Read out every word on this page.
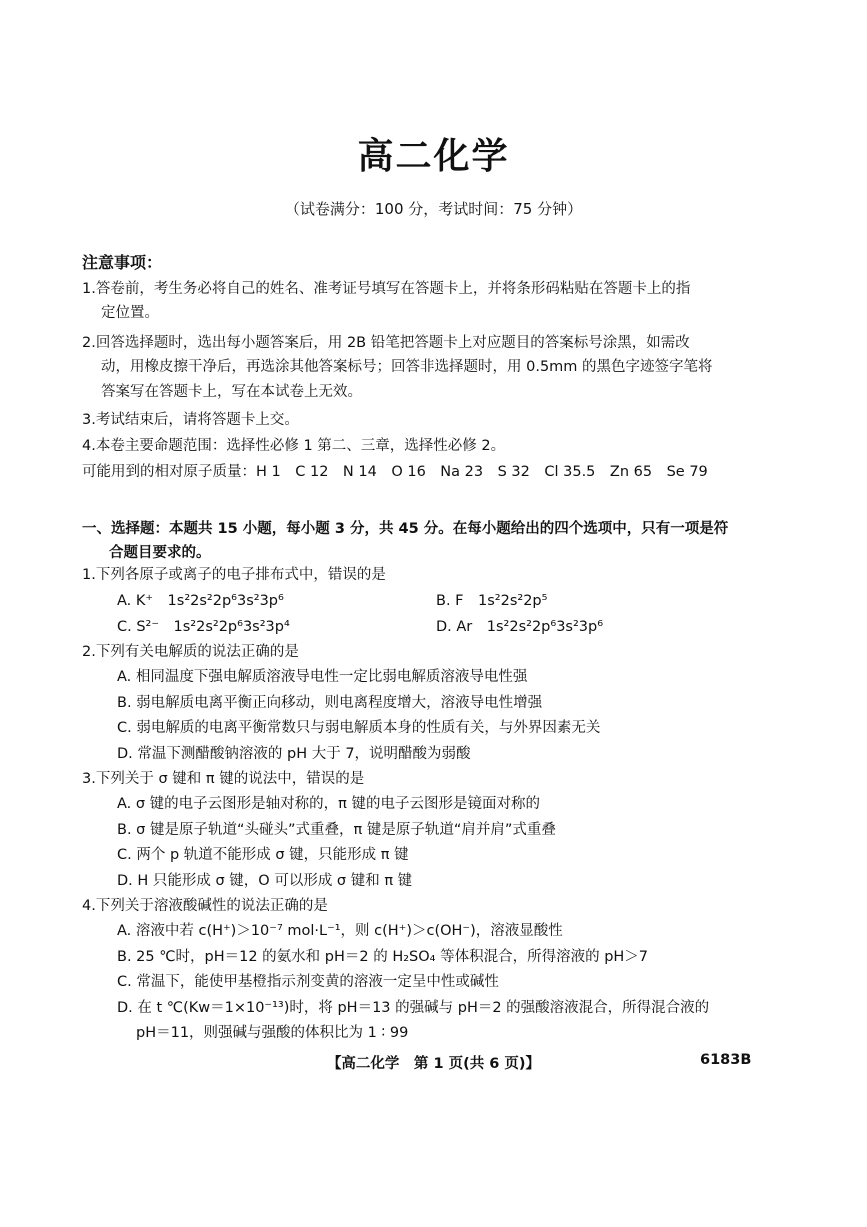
高二化学
（试卷满分：100 分，考试时间：75 分钟）
注意事项：
1.答卷前，考生务必将自己的姓名、准考证号填写在答题卡上，并将条形码粘贴在答题卡上的指
定位置。
2.回答选择题时，选出每小题答案后，用 2B 铅笔把答题卡上对应题目的答案标号涂黑，如需改
动，用橡皮擦干净后，再选涂其他答案标号；回答非选择题时，用 0.5mm 的黑色字迹签字笔将
答案写在答题卡上，写在本试卷上无效。
3.考试结束后，请将答题卡上交。
4.本卷主要命题范围：选择性必修 1 第二、三章，选择性必修 2。
可能用到的相对原子质量：H 1　C 12　N 14　O 16　Na 23　S 32　Cl 35.5　Zn 65　Se 79
一、选择题：本题共 15 小题，每小题 3 分，共 45 分。在每小题给出的四个选项中，只有一项是符
合题目要求的。
1.下列各原子或离子的电子排布式中，错误的是
A. K⁺　1s²2s²2p⁶3s²3p⁶	B. F　1s²2s²2p⁵
C. S²⁻　1s²2s²2p⁶3s²3p⁴	D. Ar　1s²2s²2p⁶3s²3p⁶
2.下列有关电解质的说法正确的是
A. 相同温度下强电解质溶液导电性一定比弱电解质溶液导电性强
B. 弱电解质电离平衡正向移动，则电离程度增大，溶液导电性增强
C. 弱电解质的电离平衡常数只与弱电解质本身的性质有关，与外界因素无关
D. 常温下测醋酸钠溶液的 pH 大于 7，说明醋酸为弱酸
3.下列关于 σ 键和 π 键的说法中，错误的是
A. σ 键的电子云图形是轴对称的，π 键的电子云图形是镜面对称的
B. σ 键是原子轨道“头碰头”式重叠，π 键是原子轨道“肩并肩”式重叠
C. 两个 p 轨道不能形成 σ 键，只能形成 π 键
D. H 只能形成 σ 键，O 可以形成 σ 键和 π 键
4.下列关于溶液酸碱性的说法正确的是
A. 溶液中若 c(H⁺)＞10⁻⁷ mol·L⁻¹，则 c(H⁺)＞c(OH⁻)，溶液显酸性
B. 25 ℃时，pH＝12 的氨水和 pH＝2 的 H₂SO₄ 等体积混合，所得溶液的 pH＞7
C. 常温下，能使甲基橙指示剂变黄的溶液一定呈中性或碱性
D. 在 t ℃(Kw＝1×10⁻¹³)时，将 pH＝13 的强碱与 pH＝2 的强酸溶液混合，所得混合液的
pH＝11，则强碱与强酸的体积比为 1 ∶ 99
【高二化学　第 1 页(共 6 页)】	6183B
